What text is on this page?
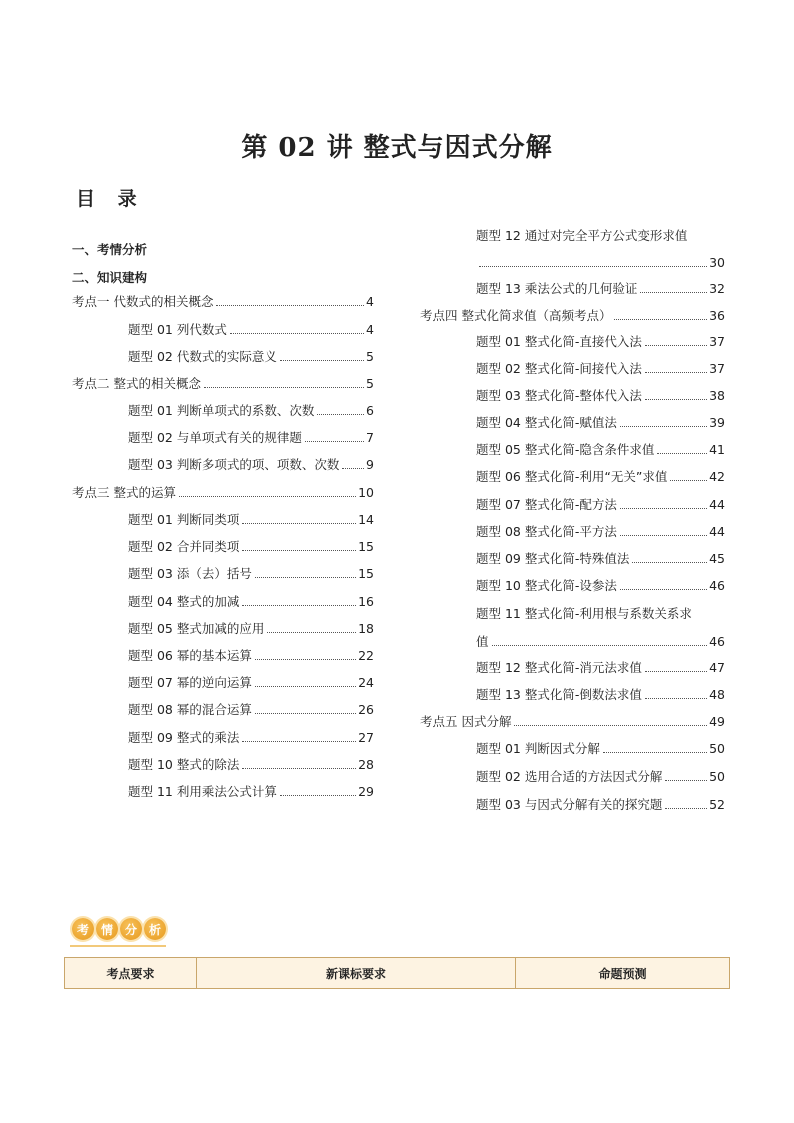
第 02 讲 整式与因式分解
目 录
一、考情分析
二、知识建构
考点一 代数式的相关概念	4
题型 01 列代数式	4
题型 02 代数式的实际意义	5
考点二 整式的相关概念	5
题型 01 判断单项式的系数、次数	6
题型 02 与单项式有关的规律题	7
题型 03 判断多项式的项、项数、次数 9
考点三 整式的运算	10
题型 01 判断同类项	14
题型 02 合并同类项	15
题型 03 添（去）括号	15
题型 04 整式的加减	16
题型 05 整式加减的应用	18
题型 06 幂的基本运算	22
题型 07 幂的逆向运算	24
题型 08 幂的混合运算	26
题型 09 整式的乘法	27
题型 10 整式的除法	28
题型 11 利用乘法公式计算	29
题型 12 通过对完全平方公式变形求值
30
题型 13 乘法公式的几何验证	32
考点四 整式化简求值（高频考点）	36
题型 01 整式化简-直接代入法	37
题型 02 整式化简-间接代入法	37
题型 03 整式化简-整体代入法	38
题型 04 整式化简-赋值法	39
题型 05 整式化简-隐含条件求值	41
题型 06 整式化简-利用“无关”求值	42
题型 07 整式化简-配方法	44
题型 08 整式化简-平方法	44
题型 09 整式化简-特殊值法	45
题型 10 整式化简-设参法	46
题型 11 整式化简-利用根与系数关系求
值	46
题型 12 整式化简-消元法求值	47
题型 13 整式化简-倒数法求值	48
考点五 因式分解	49
题型 01 判断因式分解	50
题型 02 选用合适的方法因式分解	50
题型 03 与因式分解有关的探究题	52
考 情 分 析
考点要求	新课标要求	命题预测
